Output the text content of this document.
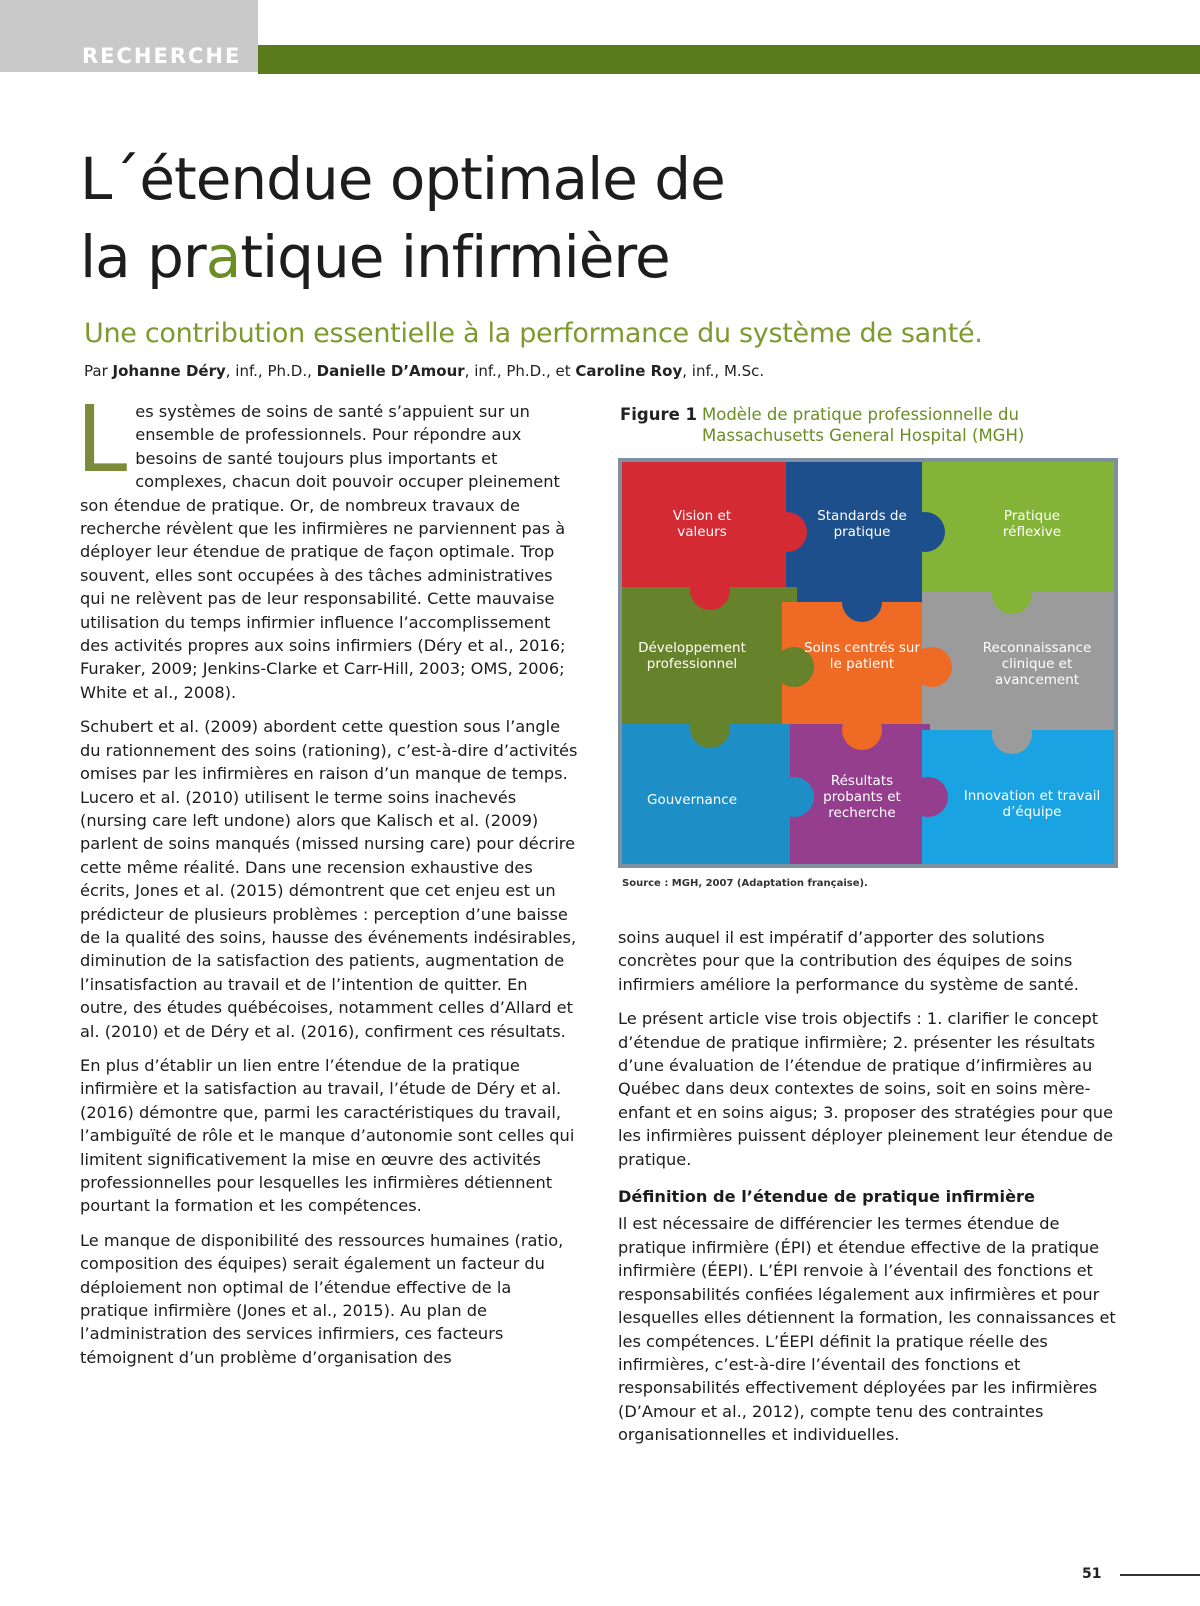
RECHERCHE
L´étendue optimale de
la pratique infirmière
Une contribution essentielle à la performance du système de santé.
Par Johanne Déry, inf., Ph.D., Danielle D’Amour, inf., Ph.D., et Caroline Roy, inf., M.Sc.

Les systèmes de soins de santé s’appuient sur un ensemble de professionnels. Pour répondre aux besoins de santé toujours plus importants et complexes, chacun doit pouvoir occuper pleinement son étendue de pratique. Or, de nombreux travaux de recherche révèlent que les infirmières ne parviennent pas à déployer leur étendue de pratique de façon optimale. Trop souvent, elles sont occupées à des tâches administratives qui ne relèvent pas de leur responsabilité. Cette mauvaise utilisation du temps infirmier influence l’accomplissement des activités propres aux soins infirmiers (Déry et al., 2016; Furaker, 2009; Jenkins-Clarke et Carr-Hill, 2003; OMS, 2006; White et al., 2008).

Schubert et al. (2009) abordent cette question sous l’angle du rationnement des soins (rationing), c’est-à-dire d’activités omises par les infirmières en raison d’un manque de temps. Lucero et al. (2010) utilisent le terme soins inachevés (nursing care left undone) alors que Kalisch et al. (2009) parlent de soins manqués (missed nursing care) pour décrire cette même réalité. Dans une recension exhaustive des écrits, Jones et al. (2015) démontrent que cet enjeu est un prédicteur de plusieurs problèmes : perception d’une baisse de la qualité des soins, hausse des événements indésirables, diminution de la satisfaction des patients, augmentation de l’insatisfaction au travail et de l’intention de quitter. En outre, des études québécoises, notamment celles d’Allard et al. (2010) et de Déry et al. (2016), confirment ces résultats.

En plus d’établir un lien entre l’étendue de la pratique infirmière et la satisfaction au travail, l’étude de Déry et al. (2016) démontre que, parmi les caractéristiques du travail, l’ambiguïté de rôle et le manque d’autonomie sont celles qui limitent significativement la mise en œuvre des activités professionnelles pour lesquelles les infirmières détiennent pourtant la formation et les compétences.

Le manque de disponibilité des ressources humaines (ratio, composition des équipes) serait également un facteur du déploiement non optimal de l’étendue effective de la pratique infirmière (Jones et al., 2015). Au plan de l’administration des services infirmiers, ces facteurs témoignent d’un problème d’organisation des

Figure 1 Modèle de pratique professionnelle du Massachusetts General Hospital (MGH)
Vision et
valeurs
Standards de
pratique
Pratique
réflexive
Développement
professionnel
Soins centrés sur
le patient
Reconnaissance
clinique et
avancement
Gouvernance
Résultats
probants et
recherche
Innovation et travail
d’équipe
Source : MGH, 2007 (Adaptation française).

soins auquel il est impératif d’apporter des solutions concrètes pour que la contribution des équipes de soins infirmiers améliore la performance du système de santé.

Le présent article vise trois objectifs : 1. clarifier le concept d’étendue de pratique infirmière; 2. présenter les résultats d’une évaluation de l’étendue de pratique d’infirmières au Québec dans deux contextes de soins, soit en soins mère-enfant et en soins aigus; 3. proposer des stratégies pour que les infirmières puissent déployer pleinement leur étendue de pratique.

Définition de l’étendue de pratique infirmière

Il est nécessaire de différencier les termes étendue de pratique infirmière (ÉPI) et étendue effective de la pratique infirmière (ÉEPI). L’ÉPI renvoie à l’éventail des fonctions et responsabilités confiées légalement aux infirmières et pour lesquelles elles détiennent la formation, les connaissances et les compétences. L’ÉEPI définit la pratique réelle des infirmières, c’est-à-dire l’éventail des fonctions et responsabilités effectivement déployées par les infirmières (D’Amour et al., 2012), compte tenu des contraintes organisationnelles et individuelles.

51
